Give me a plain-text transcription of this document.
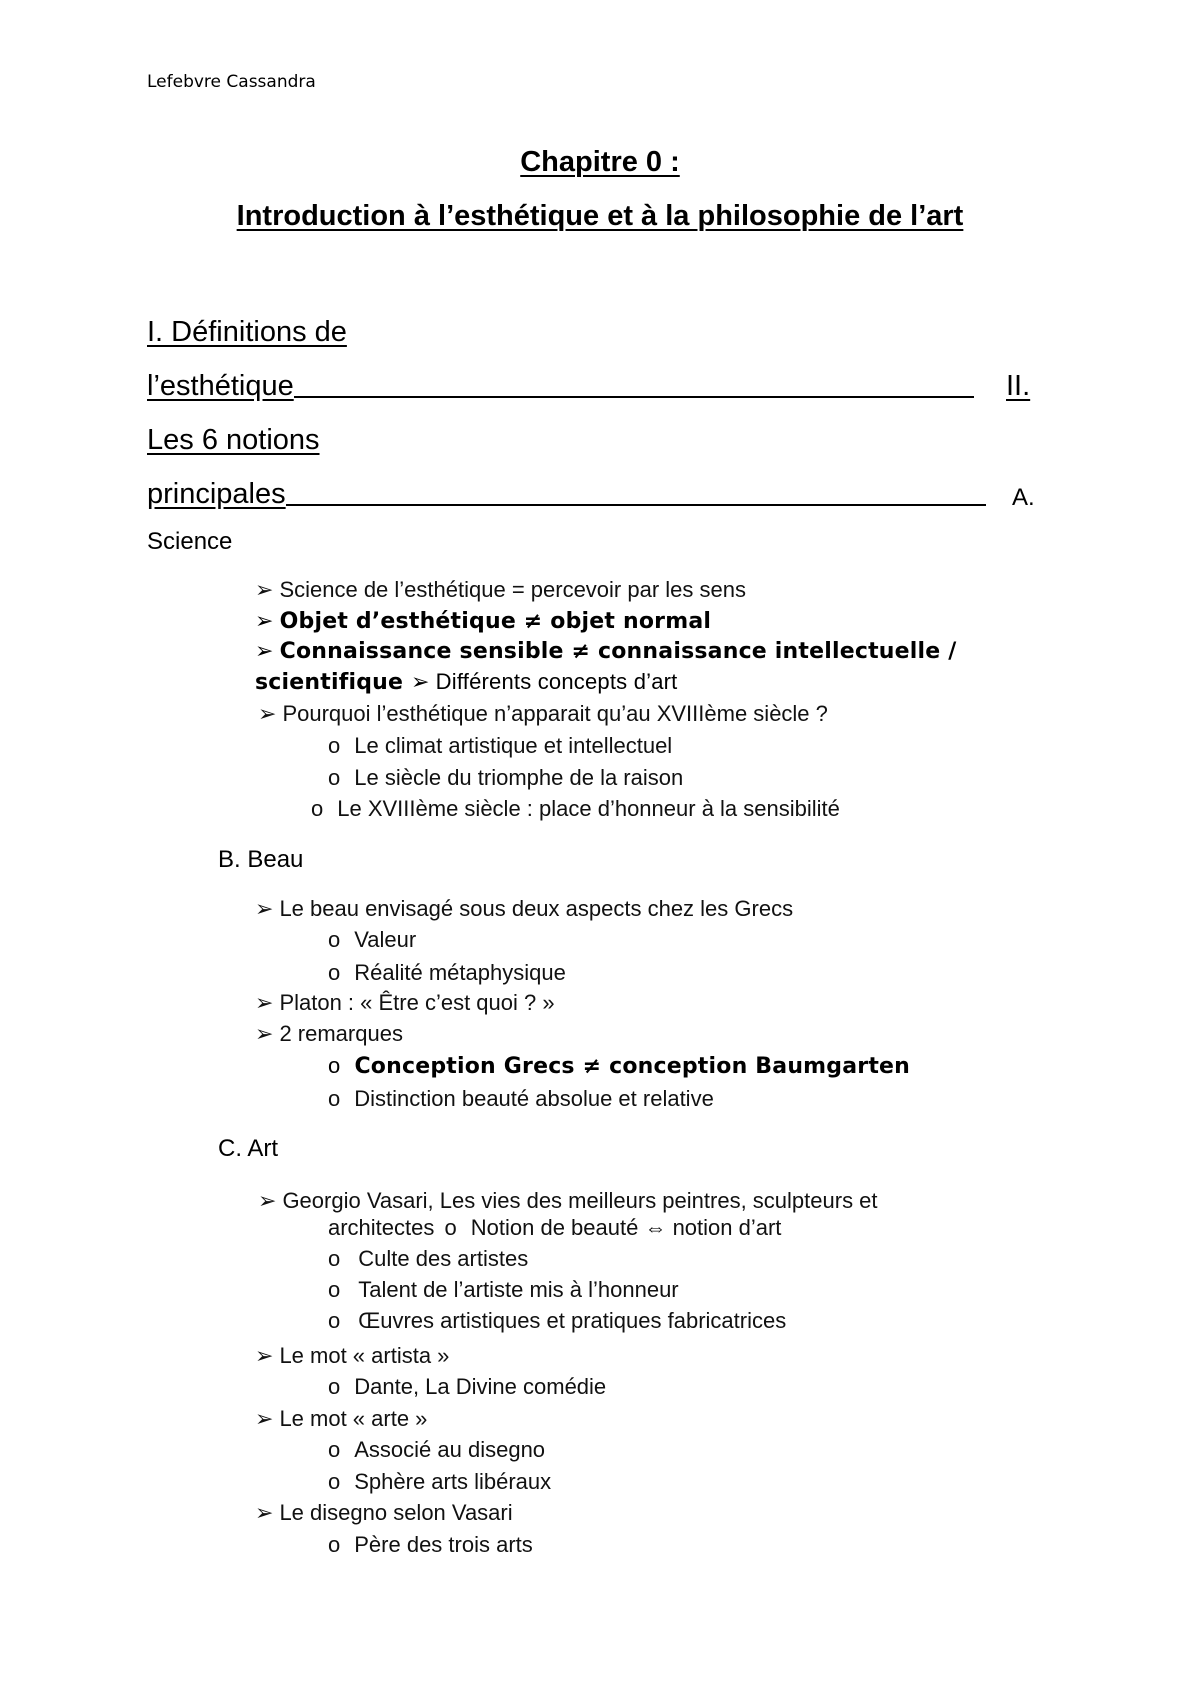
Lefebvre Cassandra
Chapitre 0 :
Introduction à l’esthétique et à la philosophie de l’art
I. Définitions de
l’esthétique	II.
Les 6 notions
principales	A.
Science
➢ Science de l’esthétique = percevoir par les sens
➢ Objet d’esthétique ≠ objet normal
➢ Connaissance sensible ≠ connaissance intellectuelle /
scientifique ➢ Différents concepts d’art
➢ Pourquoi l’esthétique n’apparait qu’au XVIIIème siècle ?
o Le climat artistique et intellectuel
o Le siècle du triomphe de la raison
o Le XVIIIème siècle : place d’honneur à la sensibilité
B. Beau
➢ Le beau envisagé sous deux aspects chez les Grecs
o Valeur
o Réalité métaphysique
➢ Platon : « Être c’est quoi ? »
➢ 2 remarques
o Conception Grecs ≠ conception Baumgarten
o Distinction beauté absolue et relative
C. Art
➢ Georgio Vasari, Les vies des meilleurs peintres, sculpteurs et
architectes o Notion de beauté ⇔ notion d’art
o Culte des artistes
o Talent de l’artiste mis à l’honneur
o Œuvres artistiques et pratiques fabricatrices
➢ Le mot « artista »
o Dante, La Divine comédie
➢ Le mot « arte »
o Associé au disegno
o Sphère arts libéraux
➢ Le disegno selon Vasari
o Père des trois arts
